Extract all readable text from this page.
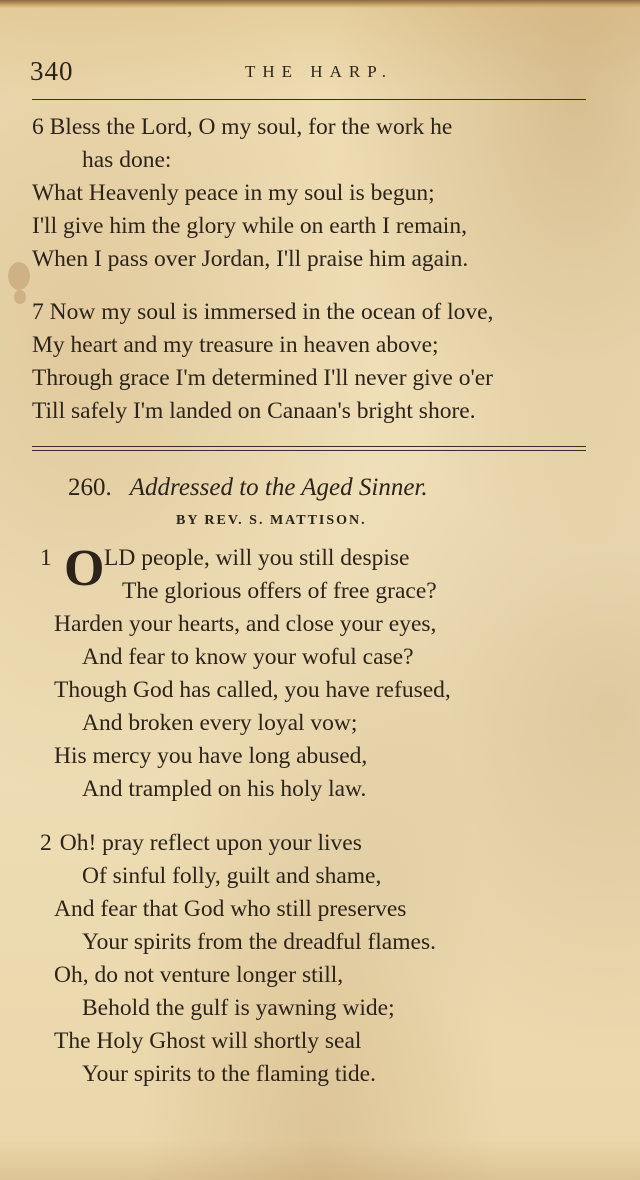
340	THE HARP.
6 Bless the Lord, O my soul, for the work he
has done:
What Heavenly peace in my soul is begun;
I'll give him the glory while on earth I remain,
When I pass over Jordan, I'll praise him again.
7 Now my soul is immersed in the ocean of love,
My heart and my treasure in heaven above;
Through grace I'm determined I'll never give o'er
Till safely I'm landed on Canaan's bright shore.
260. Addressed to the Aged Sinner.
BY REV. S. MATTISON.
1 O LD people, will you still despise
The glorious offers of free grace?
Harden your hearts, and close your eyes,
And fear to know your woful case?
Though God has called, you have refused,
And broken every loyal vow;
His mercy you have long abused,
And trampled on his holy law.
2 Oh! pray reflect upon your lives
Of sinful folly, guilt and shame,
And fear that God who still preserves
Your spirits from the dreadful flames.
Oh, do not venture longer still,
Behold the gulf is yawning wide;
The Holy Ghost will shortly seal
Your spirits to the flaming tide.
